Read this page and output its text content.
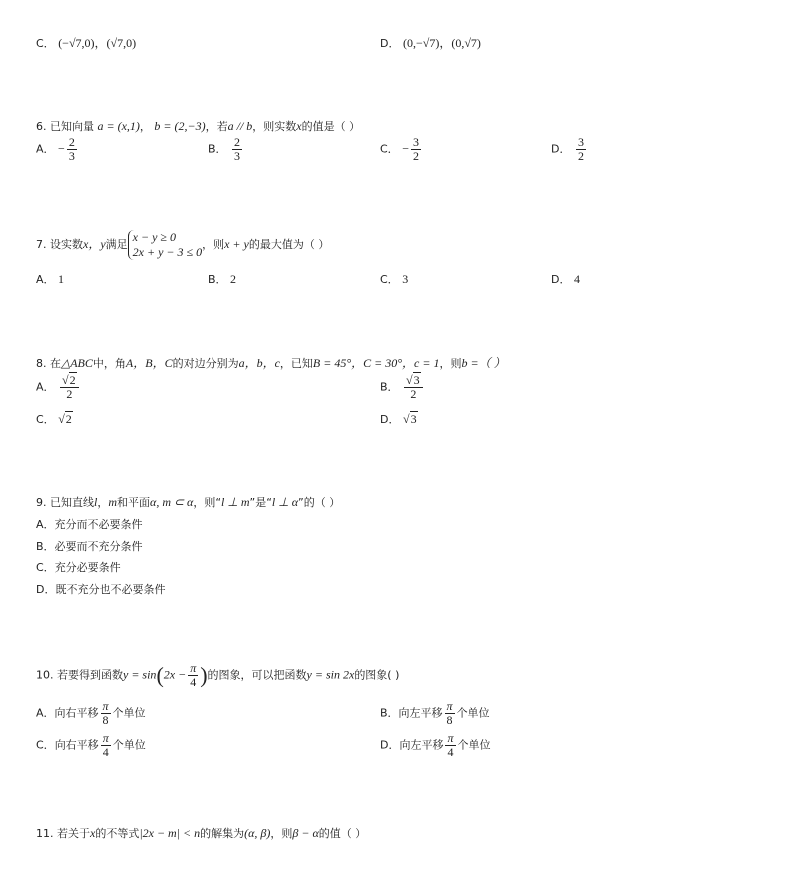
C． (−√7,0)，(√7,0)	D． (0,−√7)，(0,√7)
6. 已知向量 a = (x,1)， b = (2,−3)，若a // b，则实数x的值是（ ）
A． − $\frac{2}{3}$	B． $\frac{2}{3}$	C． − $\frac{3}{2}$	D． $\frac{3}{2}$
7. 设实数x，y满足
x − y ≥ 0
2x + y − 3 ≤ 0
，则x + y的最大值为（ ）
A． 1	B． 2	C． 3	D． 4
8. 在△ABC中，角A，B，C的对边分别为a，b，c，已知B = 45°，C = 30°，c = 1，则b =（ ）
A． $\frac{√2}{2}$	B． $\frac{√3}{2}$
C． √2	D． √3
9. 已知直线l，m和平面α, m ⊂ α，则“l ⊥ m”是“l ⊥ α”的（ ）
A．充分而不必要条件
B．必要而不充分条件
C．充分必要条件
D．既不充分也不必要条件
10. 若要得到函数$y = \sin(2x - \frac{\pi}{4}$ )的图象，可以把函数y = sin 2x的图象( )
A．向右平移 $\frac{\pi}{8}$ 个单位	B．向左平移 $\frac{\pi}{8}$ 个单位
C．向右平移 $\frac{\pi}{4}$ 个单位	D．向左平移 $\frac{\pi}{4}$ 个单位
11. 若关于x的不等式|2x − m| < n的解集为(α, β)，则β − α的值（ ）
